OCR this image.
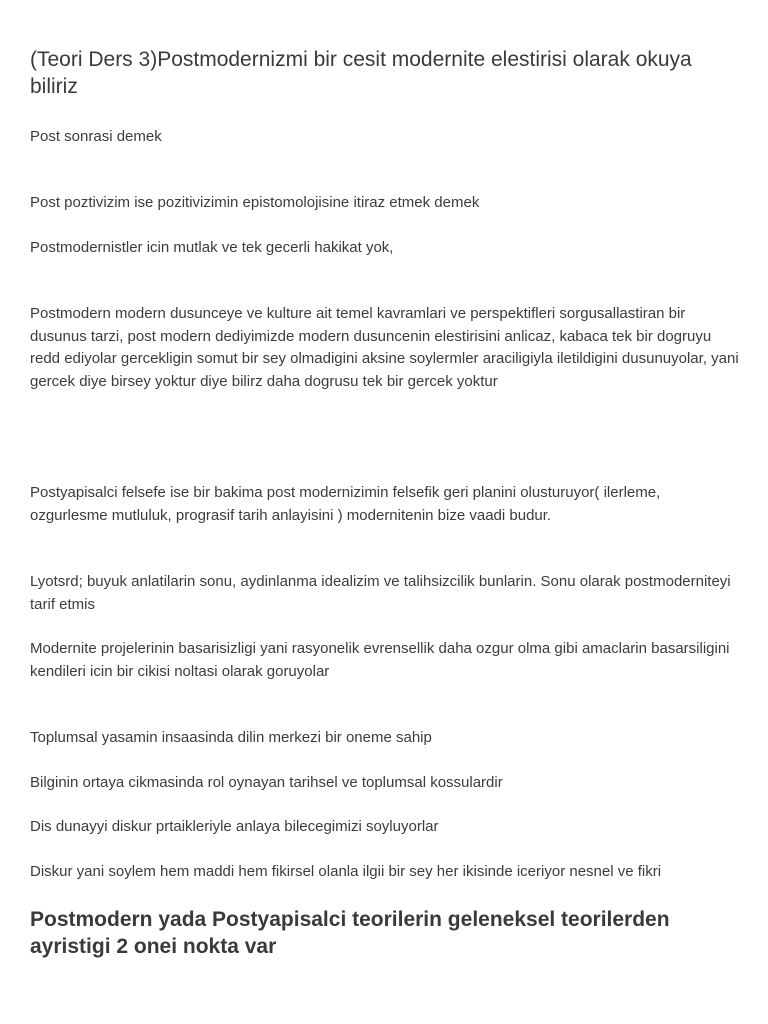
(Teori Ders 3)Postmodernizmi bir cesit modernite elestirisi olarak okuya biliriz

Post sonrasi demek

Post poztivizim ise pozitivizimin epistomolojisine itiraz etmek demek

Postmodernistler icin mutlak ve tek gecerli hakikat yok,

Postmodern modern dusunceye ve kulture ait temel kavramlari ve perspektifleri sorgusallastiran bir dusunus tarzi, post modern dediyimizde modern dusuncenin elestirisini anlicaz, kabaca tek bir dogruyu redd ediyolar gercekligin somut bir sey olmadigini aksine soylermler araciligiyla iletildigini dusunuyolar, yani gercek diye birsey yoktur diye bilirz daha dogrusu tek bir gercek yoktur

Postyapisalci felsefe ise bir bakima post modernizimin felsefik geri planini olusturuyor( ilerleme, ozgurlesme mutluluk, prograsif tarih anlayisini ) modernitenin bize vaadi budur.

Lyotsrd; buyuk anlatilarin sonu, aydinlanma idealizim ve talihsizcilik bunlarin. Sonu olarak postmoderniteyi tarif etmis

Modernite projelerinin basarisizligi yani rasyonelik evrensellik daha ozgur olma gibi amaclarin basarsiligini kendileri icin bir cikisi noltasi olarak goruyolar

Toplumsal yasamin insaasinda dilin merkezi bir oneme sahip

Bilginin ortaya cikmasinda rol oynayan tarihsel ve toplumsal kossulardir

Dis dunayyi diskur prtaikleriyle anlaya bilecegimizi soyluyorlar

Diskur yani soylem hem maddi hem fikirsel olanla ilgii bir sey her ikisinde iceriyor nesnel ve fikri

Postmodern yada Postyapisalci teorilerin geleneksel teorilerden ayristigi 2 onei nokta var
